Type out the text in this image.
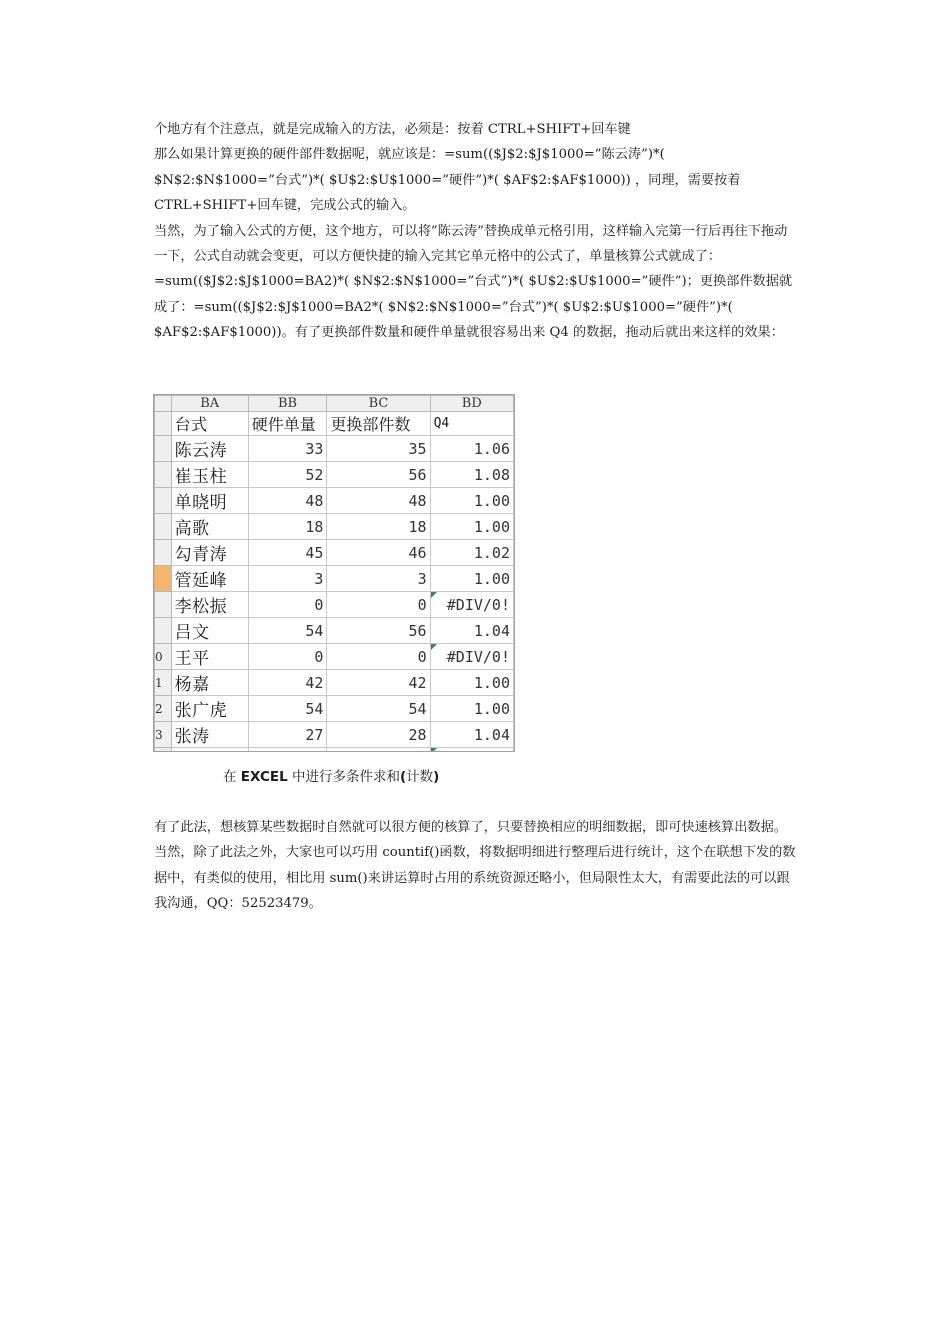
个地方有个注意点，就是完成输入的方法，必须是：按着 CTRL+SHIFT+回车键

那么如果计算更换的硬件部件数据呢，就应该是：=sum(($J$2:$J$1000=”陈云涛”)*( $N$2:$N$1000=”台式”)*( $U$2:$U$1000=”硬件”)*( $AF$2:$AF$1000)) ，同理，需要按着 CTRL+SHIFT+回车键，完成公式的输入。

当然，为了输入公式的方便，这个地方，可以将”陈云涛”替换成单元格引用，这样输入完第一行后再往下拖动一下，公式自动就会变更，可以方便快捷的输入完其它单元格中的公式了，单量核算公式就成了：=sum(($J$2:$J$1000=BA2)*( $N$2:$N$1000=”台式”)*( $U$2:$U$1000=”硬件”)；更换部件数据就成了：=sum(($J$2:$J$1000=BA2*( $N$2:$N$1000=”台式”)*( $U$2:$U$1000=”硬件”)*( $AF$2:$AF$1000))。有了更换部件数量和硬件单量就很容易出来 Q4 的数据，拖动后就出来这样的效果：

	BA	BB	BC	BD
	台式	硬件单量	更换部件数	Q4
	陈云涛	33	35	1.06
	崔玉柱	52	56	1.08
	单晓明	48	48	1.00
	高歌	18	18	1.00
	勾青涛	45	46	1.02
	管延峰	3	3	1.00
	李松振	0	0	#DIV/0!

	吕文	54	56	1.04
0	王平	0	0	#DIV/0!

1	杨嘉	42	42	1.00
2	张广虎	54	54	1.00
3	张涛	27	28	1.04

在 EXCEL 中进行多条件求和(计数)

有了此法，想核算某些数据时自然就可以很方便的核算了，只要替换相应的明细数据，即可快速核算出数据。

当然，除了此法之外，大家也可以巧用 countif()函数，将数据明细进行整理后进行统计，这个在联想下发的数据中，有类似的使用，相比用 sum()来讲运算时占用的系统资源还略小，但局限性太大，有需要此法的可以跟我沟通，QQ：52523479。
